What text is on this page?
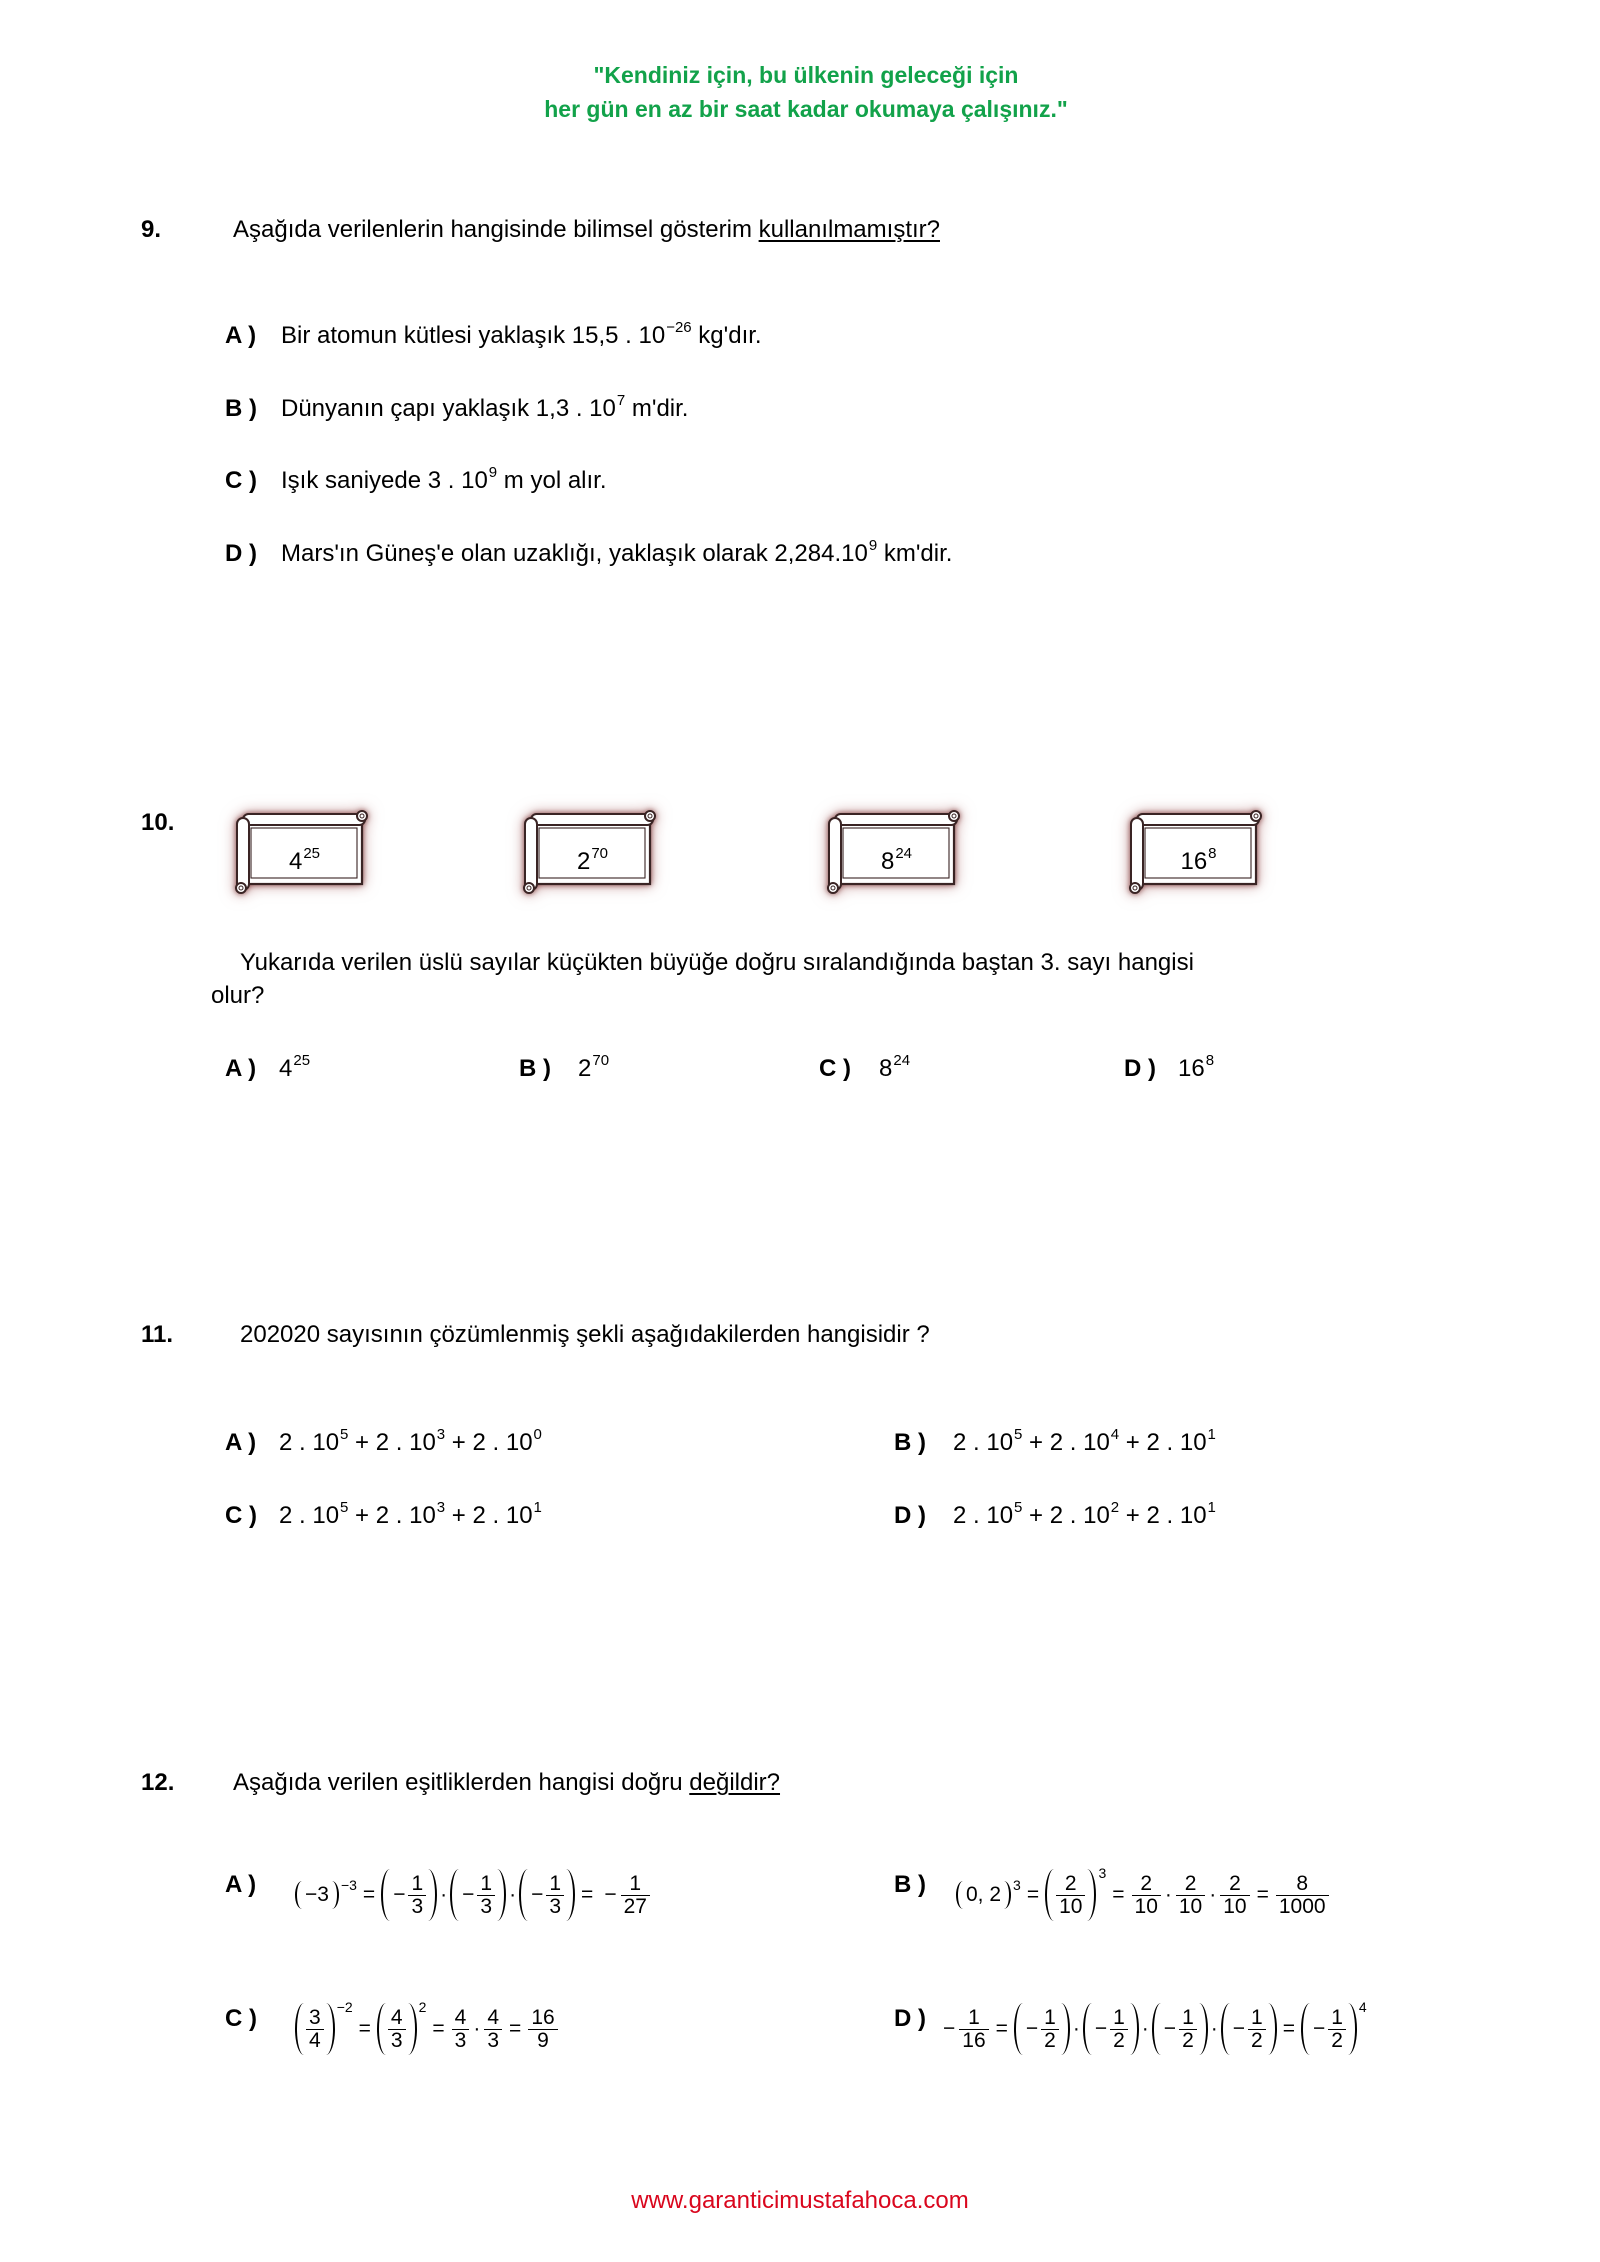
"Kendiniz için, bu ülkenin geleceği için
her gün en az bir saat kadar okumaya çalışınız."
9.	Aşağıda verilenlerin hangisinde bilimsel gösterim kullanılmamıştır?
A ) Bir atomun kütlesi yaklaşık 15,5 . $10^{-26}$ kg'dır.
B ) Dünyanın çapı yaklaşık 1,3 . $10^7$ m'dir.
C ) Işık saniyede 3 . $10^9$ m yol alır.
D ) Mars'ın Güneş'e olan uzaklığı, yaklaşık olarak 2,284.10$^9$ km'dir.
10.
$4^{25}$	$2^{70}$	$8^{24}$	$16^8$
Yukarıda verilen üslü sayılar küçükten büyüğe doğru sıralandığında baştan 3. sayı hangisi
olur?
A ) $4^{25}$	B ) $2^{70}$	C ) $8^{24}$	D ) $16^8$
11.	202020 sayısının çözümlenmiş şekli aşağıdakilerden hangisidir ?
A ) 2 . $10^5 + 2$ . $10^3 + 2$ . $10^0$	B ) 2 . $10^5 + 2$ . $10^4 + 2$ . $10^1$
C ) 2 . $10^5 + 2$ . $10^3 + 2$ . $10^1$	D ) 2 . $10^5 + 2$ . $10^2 + 2$ . $10^1$
12. Aşağıda verilen eşitliklerden hangisi doğru değildir?
A ) −3 −3 = − $\frac{1}{3}$ · − $\frac{1}{3}$ · − $\frac{1}{3}$ = − $\frac{1}{27}$	B ) 0, 2 $3 = \frac{2}{10} 3$
= $\frac{2}{10} \cdot \frac{2}{10} \cdot \frac{2}{10} = \frac{8}{1000}$
C ) $\frac{3}{4} -2$
= $\frac{4}{3} 2$
= $\frac{4}{3} \cdot \frac{4}{3} = \frac{16}{9}$	D ) − $\frac{1}{16}$ = − $\frac{1}{2}$ · − $\frac{1}{2}$ · − $\frac{1}{2}$ · − $\frac{1}{2}$ = − $\frac{1}{2} 4$
www.garanticimustafahoca.com
